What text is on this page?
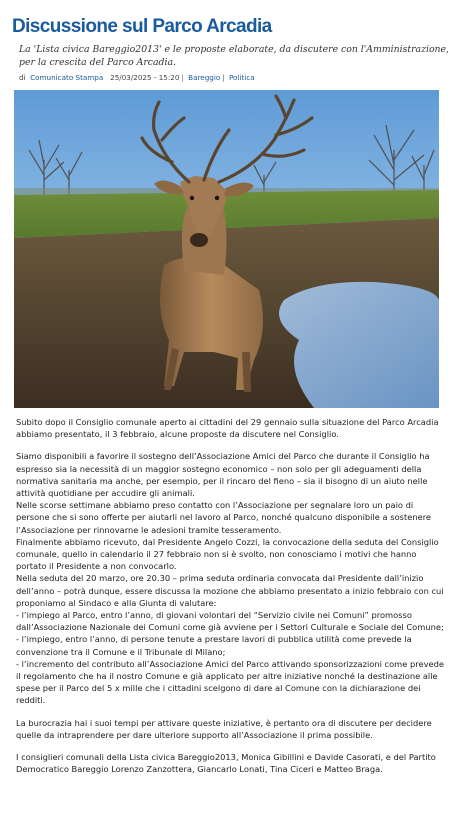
Discussione sul Parco Arcadia
La 'Lista civica Bareggio2013' e le proposte elaborate, da discutere con l'Amministrazione, per la crescita del Parco Arcadia.
di Comunicato Stampa 25/03/2025 - 15:20 | Bareggio | Politica

Subito dopo il Consiglio comunale aperto ai cittadini del 29 gennaio sulla situazione del Parco Arcadia abbiamo presentato, il 3 febbraio, alcune proposte da discutere nel Consiglio.

Siamo disponibili a favorire il sostegno dell’Associazione Amici del Parco che durante il Consiglio ha espresso sia la necessità di un maggior sostegno economico – non solo per gli adeguamenti della normativa sanitaria ma anche, per esempio, per il rincaro del fieno – sia il bisogno di un aiuto nelle attività quotidiane per accudire gli animali.

Nelle scorse settimane abbiamo preso contatto con l’Associazione per segnalare loro un paio di persone che si sono offerte per aiutarli nel lavoro al Parco, nonché qualcuno disponibile a sostenere l’Associazione per rinnovarne le adesioni tramite tesseramento.

Finalmente abbiamo ricevuto, dal Presidente Angelo Cozzi, la convocazione della seduta del Consiglio comunale, quello in calendario il 27 febbraio non si è svolto, non conosciamo i motivi che hanno portato il Presidente a non convocarlo.

Nella seduta del 20 marzo, ore 20.30 – prima seduta ordinaria convocata dal Presidente dall’inizio dell’anno – potrà dunque, essere discussa la mozione che abbiamo presentato a inizio febbraio con cui proponiamo al Sindaco e alla Giunta di valutare:

- l’impiego al Parco, entro l’anno, di giovani volontari del “Servizio civile nei Comuni” promosso dall’Associazione Nazionale dei Comuni come già avviene per i Settori Culturale e Sociale del Comune;

- l’impiego, entro l’anno, di persone tenute a prestare lavori di pubblica utilità come prevede la convenzione tra il Comune e il Tribunale di Milano;

- l’incremento del contributo all’Associazione Amici del Parco attivando sponsorizzazioni come prevede il regolamento che ha il nostro Comune e già applicato per altre iniziative nonché la destinazione alle spese per il Parco del 5 x mille che i cittadini scelgono di dare al Comune con la dichiarazione dei redditi.

La burocrazia hai i suoi tempi per attivare queste iniziative, è pertanto ora di discutere per decidere quelle da intraprendere per dare ulteriore supporto all’Associazione il prima possibile.

I consiglieri comunali della Lista civica Bareggio2013, Monica Gibillini e Davide Casorati, e del Partito Democratico Bareggio Lorenzo Zanzottera, Giancarlo Lonati, Tina Ciceri e Matteo Braga.
